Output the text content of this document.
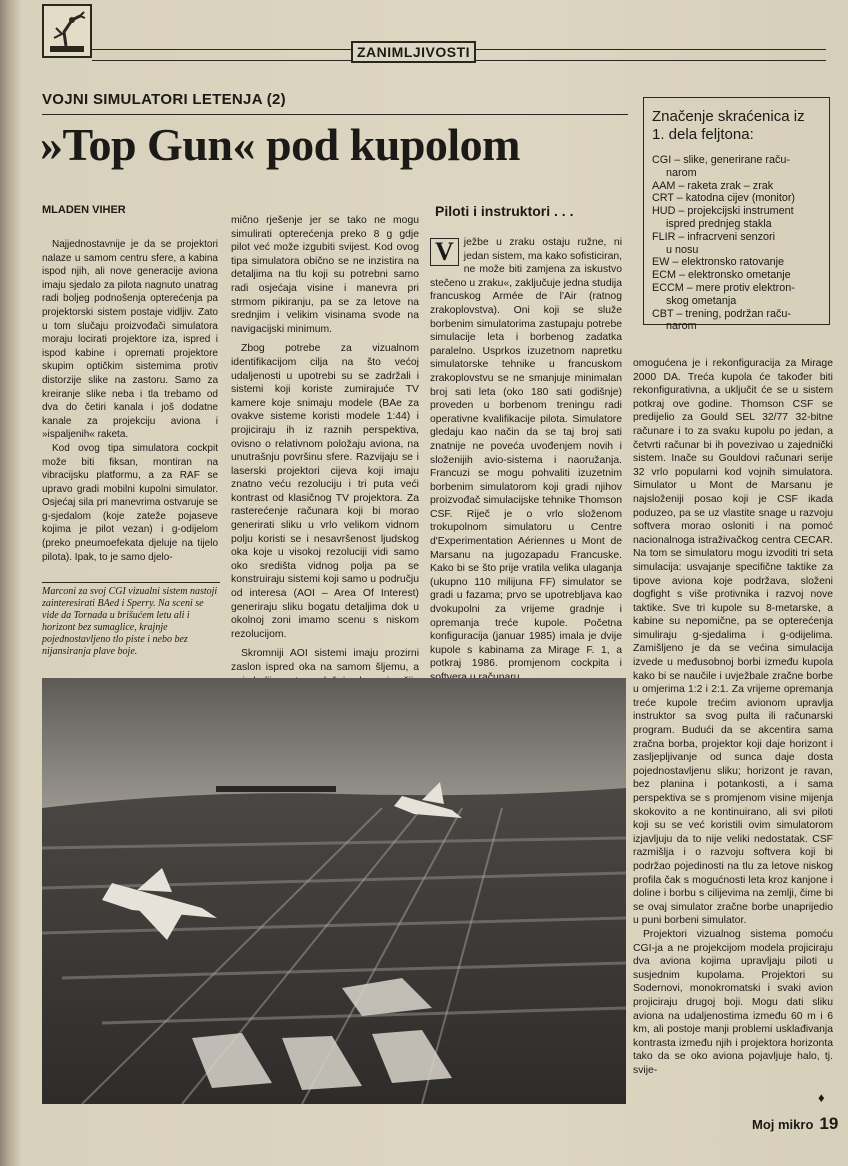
ZANIMLJIVOSTI
VOJNI SIMULATORI LETENJA (2)
»Top Gun« pod kupolom
MLADEN VIHER

Najjednostavnije je da se projektori nalaze u samom centru sfere, a kabina ispod njih, ali nove generacije aviona imaju sjedalo za pilota nagnuto unatrag radi boljeg podnošenja opterećenja pa projektorski sistem postaje vidljiv. Zato u tom slučaju proizvođači simulatora moraju locirati projektore iza, ispred i ispod kabine i opremati projektore skupim optičkim sistemima protiv distorzije slike na zastoru. Samo za kreiranje slike neba i tla trebamo od dva do četiri kanala i još dodatne kanale za projekciju aviona i »ispaljenih« raketa.

Kod ovog tipa simulatora cockpit može biti fiksan, montiran na vibracijsku platformu, a za RAF se upravo gradi mobilni kupolni simulator. Osjećaj sila pri manevrima ostvaruje se g-sjedalom (koje zateže pojaseve kojima je pilot vezan) i g-odijelom (preko pneumoefekata djeluje na tijelo pilota). Ipak, to je samo djelo-

Marconi za svoj CGI vizualni sistem nastoji zainteresirati BAed i Sperry. Na sceni se vide da Tornada u brišućem letu ali i horizont bez sumaglice, krajnje pojednostavljeno tlo piste i nebo bez nijansiranja plave boje.

mično rješenje jer se tako ne mogu simulirati opterećenja preko 8 g gdje pilot već može izgubiti svijest. Kod ovog tipa simulatora obično se ne inzistira na detaljima na tlu koji su potrebni samo radi osjećaja visine i manevra pri strmom pikiranju, pa se za letove na srednjim i velikim visinama svode na navigacijski minimum.

Zbog potrebe za vizualnom identifikacijom cilja na što većoj udaljenosti u upotrebi su se zadržali i sistemi koji koriste zumirajuće TV kamere koje snimaju modele (BAe za ovakve sisteme koristi modele 1:44) i projiciraju ih iz raznih perspektiva, ovisno o relativnom položaju aviona, na unutrašnju površinu sfere. Razvijaju se i laserski projektori cijeva koji imaju znatno veću rezoluciju i tri puta veći kontrast od klasičnog TV projektora. Za rasterećenje računara koji bi morao generirati sliku u vrlo velikom vidnom polju koristi se i nesavršenost ljudskog oka koje u visokoj rezoluciji vidi samo oko središta vidnog polja pa se konstruiraju sistemi koji samo u području od interesa (AOI – Area Of Interest) generiraju sliku bogatu detaljima dok u okolnoj zoni imamo scenu s niskom rezolucijom.

Skromniji AOI sistemi imaju prozirni zaslon ispred oka na samom šljemu, a

Piloti i instruktori . . .
V ježbe u zraku ostaju ružne, ni jedan sistem, ma kako sofisticiran, ne može biti zamjena za iskustvo stečeno u zraku«, zaključuje jedna studija francuskog Armée de l'Air (ratnog zrakoplovstva). Oni koji se služe borbenim simulatorima zastupaju potrebe simulacije leta i borbenog zadatka paralelno. Usprkos izuzetnom napretku simulatorske tehnike u francuskom zrakoplovstvu se ne smanjuje minimalan broj sati leta (oko 180 sati godišnje) proveden u borbenom treningu radi operativne kvalifikacije pilota. Simulatore gledaju kao način da se taj broj sati znatnije ne poveća uvođenjem novih i složenijih avio-sistema i naoružanja. Francuzi se mogu pohvaliti izuzetnim borbenim simulatorom koji gradi njihov proizvođač simulacijske tehnike Thomson CSF. Riječ je o vrlo složenom trokupolnom simulatoru u Centre d'Experimentation Aériennes u Mont de Marsanu na jugozapadu Francuske. Kako bi se što prije vratila velika ulaganja (ukupno 110 milijuna FF) simulator se gradi u fazama; prvo se upotrebljava kao dvokupolni za vrijeme gradnje i opremanja treće kupole. Početna konfiguracija (januar 1985) imala je dvije kupole s kabinama za Mirage F. 1, a potkraj 1986. promjenom cockpita i

Značenje skraćenica iz 1. dela feljtona:
CGI – slike, generirane raču-
narom
AAM – raketa zrak – zrak
CRT – katodna cijev (monitor)
HUD – projekcijski instrument
ispred prednjeg stakla
FLIR – infracrveni senzori
u nosu
EW – elektronsko ratovanje
ECM – elektronsko ometanje
ECCM – mere protiv elektron-
skog ometanja
CBT – trening, podržan raču-
narom

omogućena je i rekonfiguracija za Mirage 2000 DA. Treća kupola će također biti rekonfigurativna, a uključit će se u sistem potkraj ove godine. Thomson CSF se predijelio za Gould SEL 32/77 32-bitne računare i to za svaku kupolu po jedan, a četvrti računar bi ih povezivao u zajednički sistem. Inače su Gouldovi računari serije 32 vrlo popularni kod vojnih simulatora. Simulator u Mont de Marsanu je najsloženiji posao koji je CSF ikada poduzeo, pa se uz vlastite snage u razvoju softvera morao osloniti i na pomoć nacionalnoga istraživačkog centra CECAR. Na tom se simulatoru mogu izvoditi tri seta simulacija: usvajanje specifične taktike za tipove aviona koje podržava, složeni dogfight s više protivnika i razvoj nove taktike. Sve tri kupole su 8-metarske, a kabine su nepomične, pa se opterećenja simuliraju g-sjedalima i g-odijelima. Zamišljeno je da se većina simulacija izvede u međusobnoj borbi između kupola kako bi se naučile i uvježbale zračne borbe u omjerima 1:2 i 2:1. Za vrijeme opremanja treće kupole trećim avionom upravlja instruktor sa svog pulta ili računarski program. Budući da se akcentira sama zračna borba, projektor koji daje horizont i zasljepljivanje od sunca daje dosta pojednostavljenu sliku; horizont je ravan, bez planina i potankosti, a i sama perspektiva se s promjenom visine mijenja skokovito a ne kontinuirano, ali svi piloti koji su se već koristili ovim simulatorom izjavljuju da to nije veliki nedostatak. CSF razmišlja i o razvoju softvera koji bi podržao pojedinosti na tlu za letove niskog profila čak s mogućnosti leta kroz kanjone i doline i borbu s cilijevima na zemlji, čime bi se ovaj simulator zračne borbe unaprijedio u puni borbeni simulator.

Projektori vizualnog sistema pomoću CGI-ja a ne projekcijom modela projiciraju dva aviona kojima upravljaju piloti u susjednim kupolama. Projektori su Sodernovi, monokromatski i svaki avion projiciraju drugoj boji. Mogu dati sliku aviona na udaljenostima između 60 m i 6 km, ali postoje manji problemi usklađivanja kontrasta između njih i projektora horizonta tako da se oko aviona pojavljuje halo, tj. svije-

♦
Moj mikro 19
